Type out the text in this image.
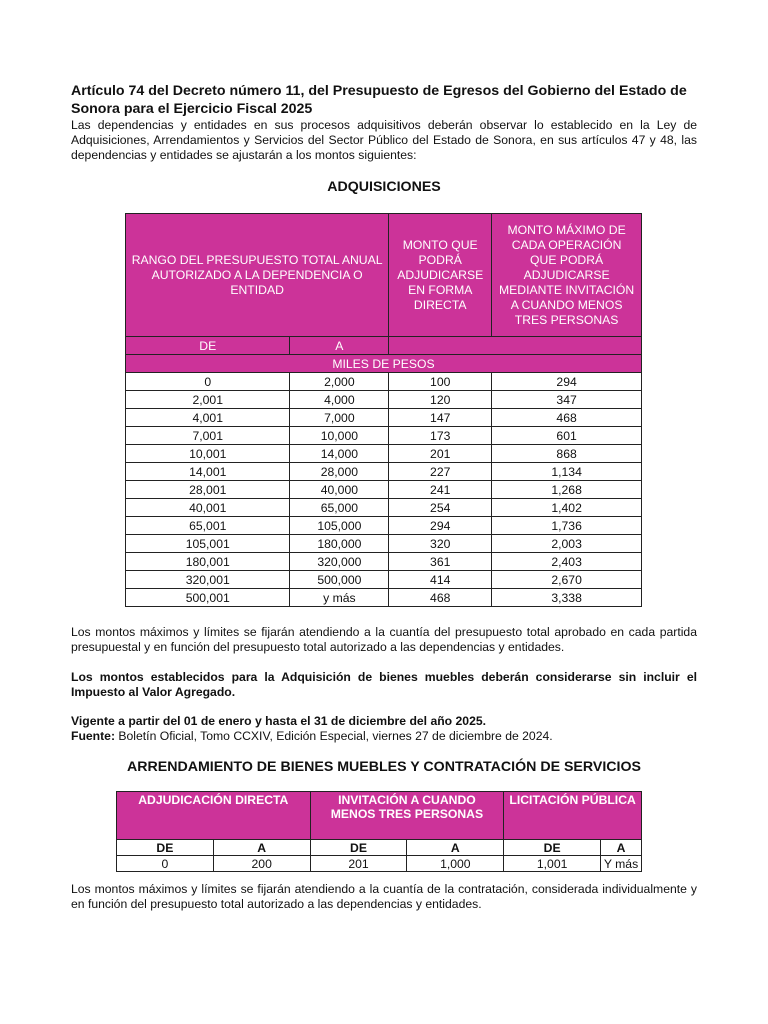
Artículo 74 del Decreto número 11, del Presupuesto de Egresos del Gobierno del Estado de Sonora para el Ejercicio Fiscal 2025

Las dependencias y entidades en sus procesos adquisitivos deberán observar lo establecido en la Ley de Adquisiciones, Arrendamientos y Servicios del Sector Público del Estado de Sonora, en sus artículos 47 y 48, las dependencias y entidades se ajustarán a los montos siguientes:

ADQUISICIONES

RANGO DEL PRESUPUESTO TOTAL ANUAL AUTORIZADO A LA DEPENDENCIA O ENTIDAD		MONTO QUE PODRÁ ADJUDICARSE EN FORMA DIRECTA	MONTO MÁXIMO DE CADA OPERACIÓN QUE PODRÁ ADJUDICARSE MEDIANTE INVITACIÓN A CUANDO MENOS TRES PERSONAS
DE	A		
MILES DE PESOS			
0	2,000	100	294
2,001	4,000	120	347
4,001	7,000	147	468
7,001	10,000	173	601
10,001	14,000	201	868
14,001	28,000	227	1,134
28,001	40,000	241	1,268
40,001	65,000	254	1,402
65,001	105,000	294	1,736
105,001	180,000	320	2,003
180,001	320,000	361	2,403
320,001	500,000	414	2,670
500,001	y más	468	3,338

Los montos máximos y límites se fijarán atendiendo a la cuantía del presupuesto total aprobado en cada partida presupuestal y en función del presupuesto total autorizado a las dependencias y entidades.

Los montos establecidos para la Adquisición de bienes muebles deberán considerarse sin incluir el Impuesto al Valor Agregado.

Vigente a partir del 01 de enero y hasta el 31 de diciembre del año 2025.

Fuente: Boletín Oficial, Tomo CCXIV, Edición Especial, viernes 27 de diciembre de 2024.

ARRENDAMIENTO DE BIENES MUEBLES Y CONTRATACIÓN DE SERVICIOS

ADJUDICACIÓN DIRECTA		INVITACIÓN A CUANDO MENOS TRES PERSONAS		LICITACIÓN PÚBLICA	
DE	A	DE	A	DE	A
0	200	201	1,000	1,001	Y más

Los montos máximos y límites se fijarán atendiendo a la cuantía de la contratación, considerada individualmente y en función del presupuesto total autorizado a las dependencias y entidades.
